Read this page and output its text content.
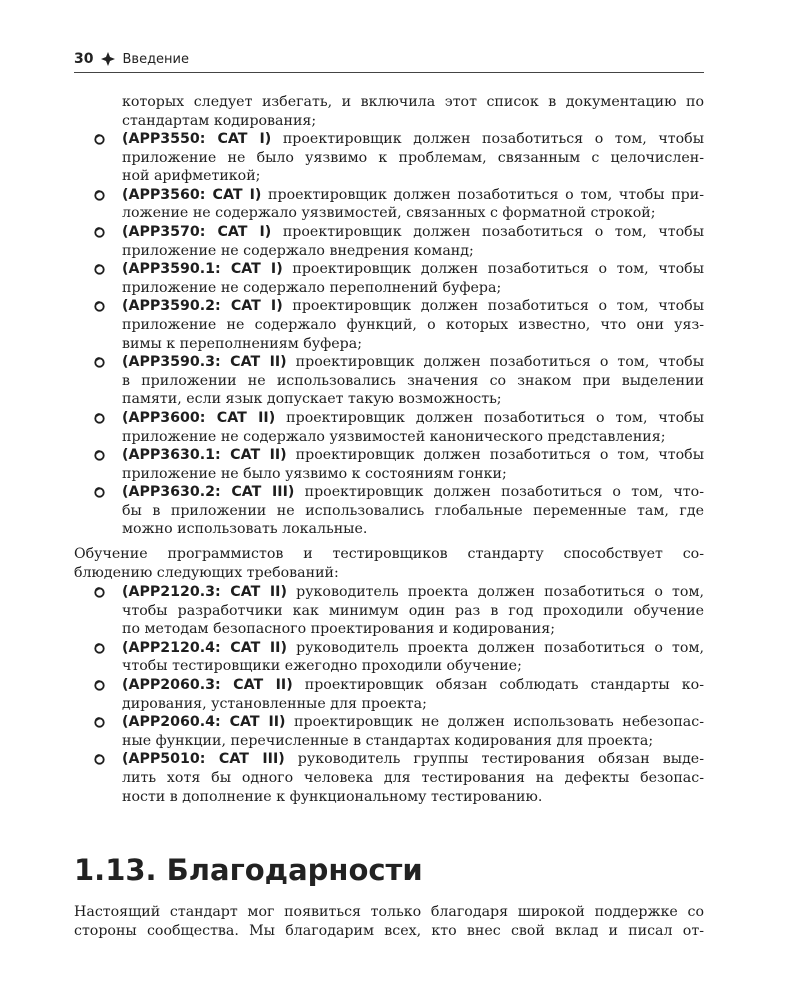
30 Введение
которых следует избегать, и включила этот список в документацию по
стандартам кодирования;
(APP3550: CAT I) проектировщик должен позаботиться о том, чтобы
приложение не было уязвимо к проблемам, связанным с целочислен-
ной арифметикой;
(APP3560: CAT I) проектировщик должен позаботиться о том, чтобы при-
ложение не содержало уязвимостей, связанных с форматной строкой;
(APP3570: CAT I) проектировщик должен позаботиться о том, чтобы
приложение не содержало внедрения команд;
(APP3590.1: CAT I) проектировщик должен позаботиться о том, чтобы
приложение не содержало переполнений буфера;
(APP3590.2: CAT I) проектировщик должен позаботиться о том, чтобы
приложение не содержало функций, о которых известно, что они уяз-
вимы к переполнениям буфера;
(APP3590.3: CAT II) проектировщик должен позаботиться о том, чтобы
в приложении не использовались значения со знаком при выделении
памяти, если язык допускает такую возможность;
(APP3600: CAT II) проектировщик должен позаботиться о том, чтобы
приложение не содержало уязвимостей канонического представления;
(APP3630.1: CAT II) проектировщик должен позаботиться о том, чтобы
приложение не было уязвимо к состояниям гонки;
(APP3630.2: CAT III) проектировщик должен позаботиться о том, что-
бы в приложении не использовались глобальные переменные там, где
можно использовать локальные.
Обучение программистов и тестировщиков стандарту способствует со-
блюдению следующих требований:
(APP2120.3: CAT II) руководитель проекта должен позаботиться о том,
чтобы разработчики как минимум один раз в год проходили обучение
по методам безопасного проектирования и кодирования;
(APP2120.4: CAT II) руководитель проекта должен позаботиться о том,
чтобы тестировщики ежегодно проходили обучение;
(APP2060.3: CAT II) проектировщик обязан соблюдать стандарты ко-
дирования, установленные для проекта;
(APP2060.4: CAT II) проектировщик не должен использовать небезопас-
ные функции, перечисленные в стандартах кодирования для проекта;
(APP5010: CAT III) руководитель группы тестирования обязан выде-
лить хотя бы одного человека для тестирования на дефекты безопас-
ности в дополнение к функциональному тестированию.
1.13. Благодарности
Настоящий стандарт мог появиться только благодаря широкой поддержке со
стороны сообщества. Мы благодарим всех, кто внес свой вклад и писал от-
